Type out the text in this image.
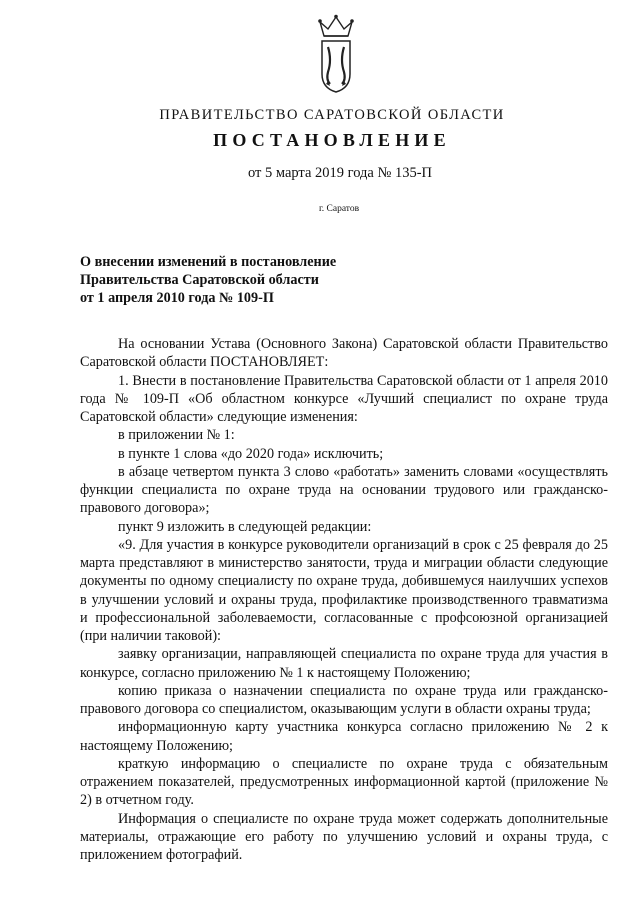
ПРАВИТЕЛЬСТВО САРАТОВСКОЙ ОБЛАСТИ
ПОСТАНОВЛЕНИЕ
от 5 марта 2019 года № 135-П
г. Саратов
О внесении изменений в постановление
Правительства Саратовской области
от 1 апреля 2010 года № 109-П

На основании Устава (Основного Закона) Саратовской области Правительство Саратовской области ПОСТАНОВЛЯЕТ:

1. Внести в постановление Правительства Саратовской области от 1 апреля 2010 года № 109-П «Об областном конкурсе «Лучший специалист по охране труда Саратовской области» следующие изменения:

в приложении № 1:

в пункте 1 слова «до 2020 года» исключить;

в абзаце четвертом пункта 3 слово «работать» заменить словами «осуществлять функции специалиста по охране труда на основании трудового или гражданско-правового договора»;

пункт 9 изложить в следующей редакции:

«9. Для участия в конкурсе руководители организаций в срок с 25 февраля до 25 марта представляют в министерство занятости, труда и миграции области следующие документы по одному специалисту по охране труда, добившемуся наилучших успехов в улучшении условий и охраны труда, профилактике производственного травматизма и профессиональной заболеваемости, согласованные с профсоюзной организацией (при наличии таковой):

заявку организации, направляющей специалиста по охране труда для участия в конкурсе, согласно приложению № 1 к настоящему Положению;

копию приказа о назначении специалиста по охране труда или гражданско-правового договора со специалистом, оказывающим услуги в области охраны труда;

информационную карту участника конкурса согласно приложению № 2 к настоящему Положению;

краткую информацию о специалисте по охране труда с обязательным отражением показателей, предусмотренных информационной картой (приложение № 2) в отчетном году.

Информация о специалисте по охране труда может содержать дополнительные материалы, отражающие его работу по улучшению условий и охраны труда, с приложением фотографий.
